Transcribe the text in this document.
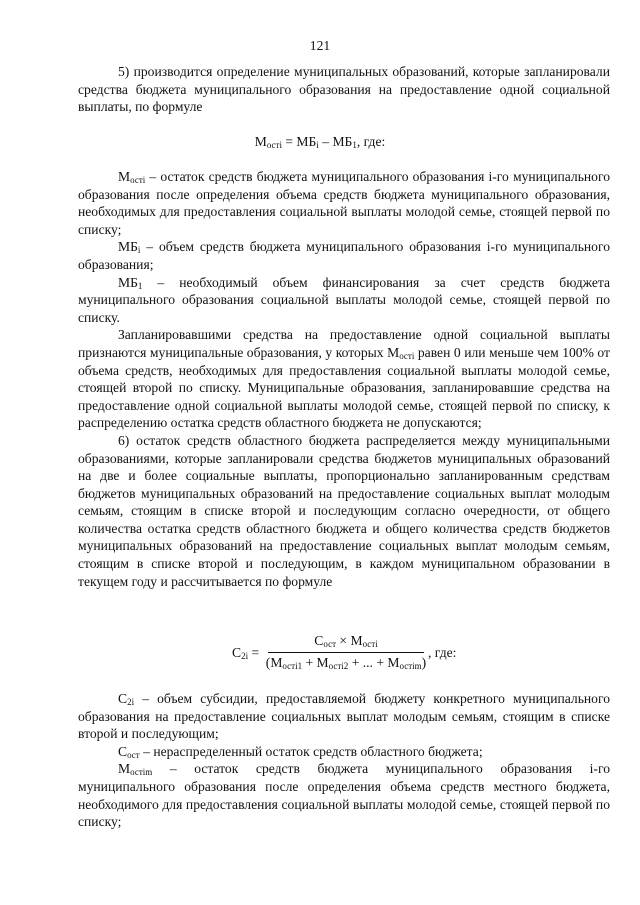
121

5) производится определение муниципальных образований, которые запланировали средства бюджета муниципального образования на предоставление одной социальной выплаты, по формуле

$М_{остi} = МБ_i - МБ_1$, где:

$М_{остi}$ – остаток средств бюджета муниципального образования i-го муниципального образования после определения объема средств бюджета муниципального образования, необходимых для предоставления социальной выплаты молодой семье, стоящей первой по списку;

$МБ_i$ – объем средств бюджета муниципального образования i-го муниципального образования;

$МБ_1$ – необходимый объем финансирования за счет средств бюджета муниципального образования социальной выплаты молодой семье, стоящей первой по списку.

Запланировавшими средства на предоставление одной социальной выплаты признаются муниципальные образования, у которых $М_{остi}$ равен 0 или меньше чем 100% от объема средств, необходимых для предоставления социальной выплаты молодой семье, стоящей второй по списку. Муниципальные образования, запланировавшие средства на предоставление одной социальной выплаты молодой семье, стоящей первой по списку, к распределению остатка средств областного бюджета не допускаются;

6) остаток средств областного бюджета распределяется между муниципальными образованиями, которые запланировали средства бюджетов муниципальных образований на две и более социальные выплаты, пропорционально запланированным средствам бюджетов муниципальных образований на предоставление социальных выплат молодым семьям, стоящим в списке второй и последующим согласно очередности, от общего количества остатка средств областного бюджета и общего количества средств бюджетов муниципальных образований на предоставление социальных выплат молодым семьям, стоящим в списке второй и последующим, в каждом муниципальном образовании в текущем году и рассчитывается по формуле

$С_{2i}$ =
$С_{ост} \times М_{остi}$
($М_{остi1} + М_{остi2}$ + ... + $М_{остim}$)
, где:

$С_{2i}$ – объем субсидии, предоставляемой бюджету конкретного муниципального образования на предоставление социальных выплат молодым семьям, стоящим в списке второй и последующим;

$С_{ост}$ – нераспределенный остаток средств областного бюджета;

$М_{остim}$ – остаток средств бюджета муниципального образования i-го муниципального образования после определения объема средств местного бюджета, необходимого для предоставления социальной выплаты молодой семье, стоящей первой по списку;
